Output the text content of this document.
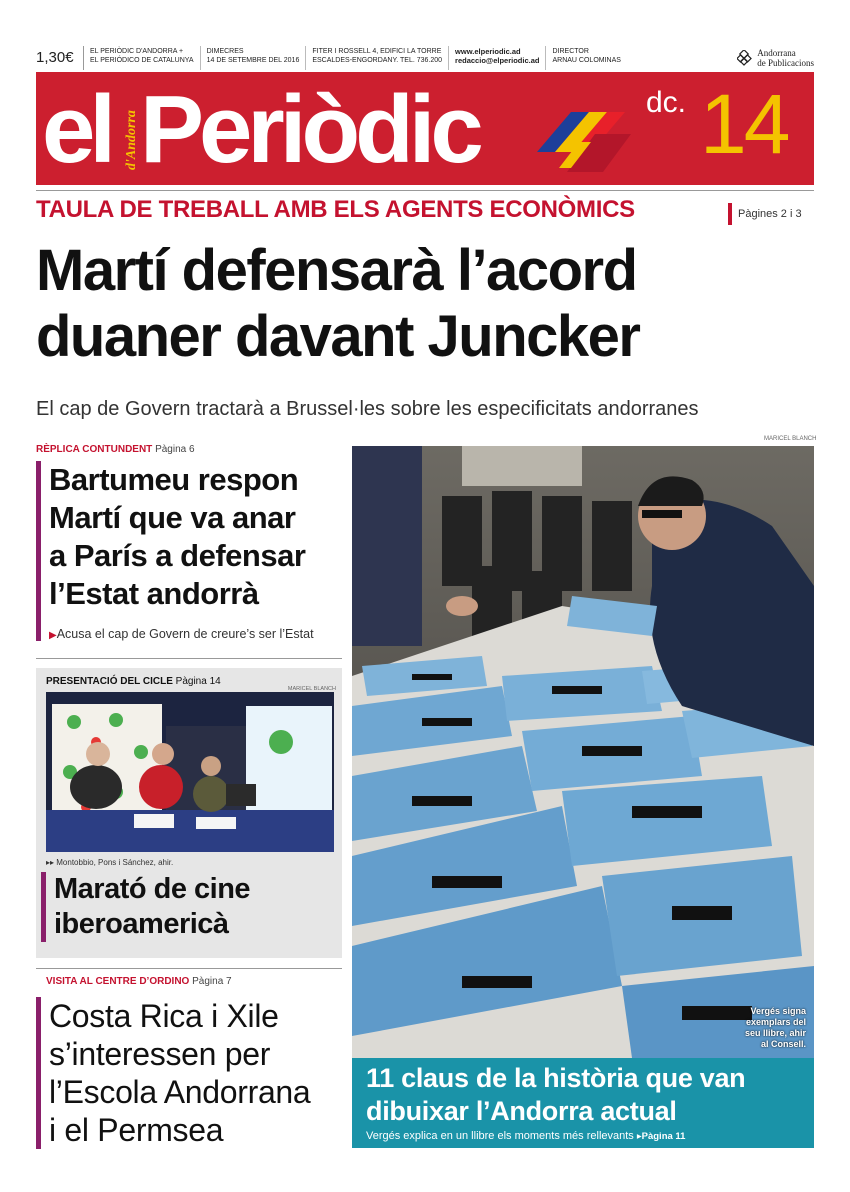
1,30€	EL PERIÒDIC D'ANDORRA +
EL PERIÓDICO DE CATALUNYA
DIMECRES
14 DE SETEMBRE DEL 2016
FITER I ROSSELL 4, EDIFICI LA TORRE
ESCALDES-ENGORDANY. TEL. 736.200
www.elperiodic.ad
redaccio@elperiodic.ad
DIRECTOR
ARNAU COLOMINAS
Andorrana
de Publicacions
el d'Andorra Periòdic	dc. 14
TAULA DE TREBALL AMB ELS AGENTS ECONÒMICS	Pàgines 2 i 3
Martí defensarà l’acord
duaner davant Juncker
El cap de Govern tractarà a Brussel·les sobre les especificitats andorranes
RÈPLICA CONTUNDENT Pàgina 6
Bartumeu respon
Martí que va anar
a París a defensar
l’Estat andorrà
▶Acusa el cap de Govern de creure’s ser l’Estat
PRESENTACIÓ DEL CICLE Pàgina 14
MARICEL BLANCH
▸▸ Montobbio, Pons i Sánchez, ahir.
Marató de cine
iberoamericà
VISITA AL CENTRE D’ORDINO Pàgina 7
Costa Rica i Xile
s’interessen per
l’Escola Andorrana
i el Permsea
MARICEL BLANCH
Vergés signa
exemplars del
seu llibre, ahir
al Consell.
11 claus de la història que van
dibuixar l’Andorra actual
Vergés explica en un llibre els moments més rellevants ▸Pàgina 11
